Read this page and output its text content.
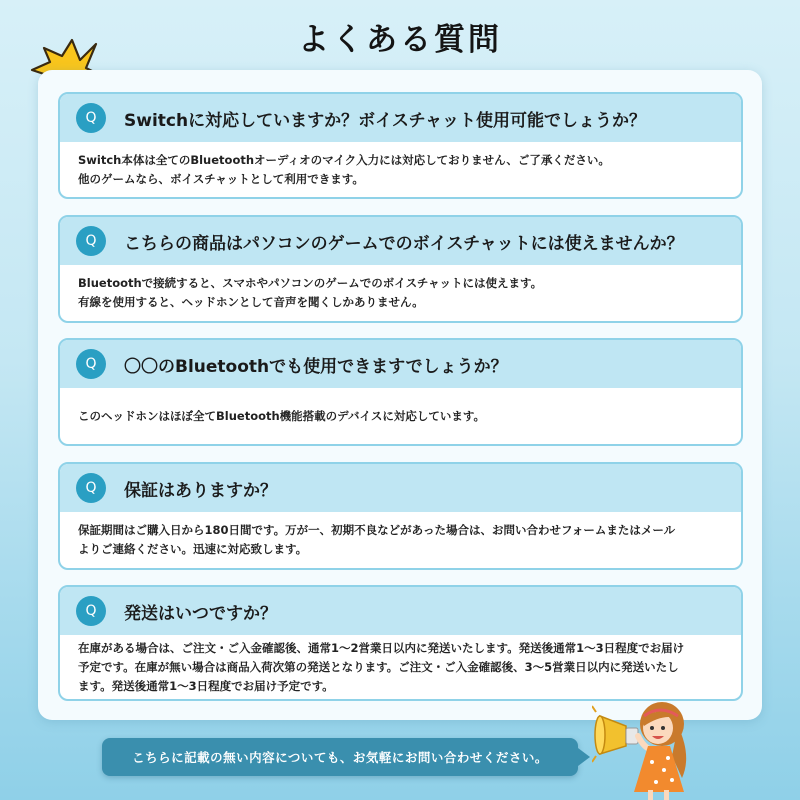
よくある質問
Q	Switchに対応していますか？ボイスチャット使用可能でしょうか？
Switch本体は全てのBluetoothオーディオのマイク入力には対応しておりません、ご了承ください。
他のゲームなら、ボイスチャットとして利用できます。
Q	こちらの商品はパソコンのゲームでのボイスチャットには使えませんか？
Bluetoothで接続すると、スマホやパソコンのゲームでのボイスチャットには使えます。
有線を使用すると、ヘッドホンとして音声を聞くしかありません。
Q	〇〇のBluetoothでも使用できますでしょうか？
このヘッドホンはほぼ全てBluetooth機能搭載のデバイスに対応しています。
Q	保証はありますか？
保証期間はご購入日から180日間です。万が一、初期不良などがあった場合は、お問い合わせフォームまたはメール
よりご連絡ください。迅速に対応致します。
Q	発送はいつですか？
在庫がある場合は、ご注文・ご入金確認後、通常1～2営業日以内に発送いたします。発送後通常1～3日程度でお届け
予定です。在庫が無い場合は商品入荷次第の発送となります。ご注文・ご入金確認後、3～5営業日以内に発送いたし
ます。発送後通常1～3日程度でお届け予定です。
こちらに記載の無い内容についても、お気軽にお問い合わせください。
